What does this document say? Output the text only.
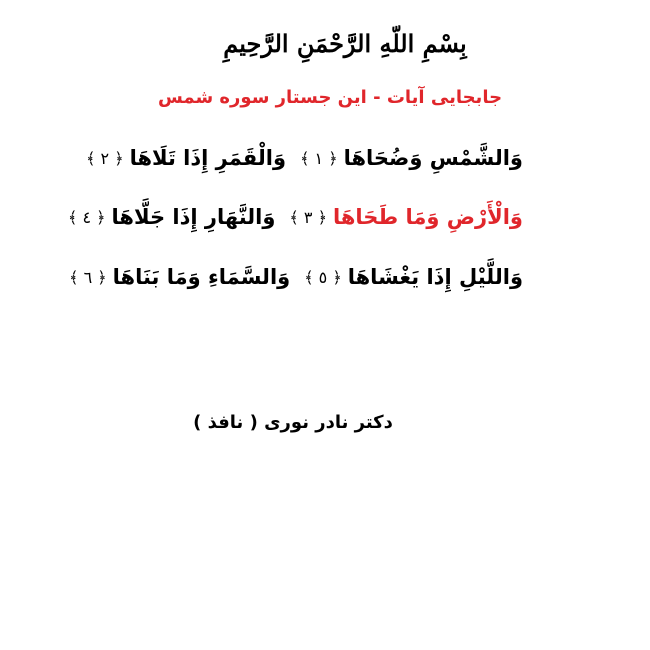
بِسْمِ اللّهِ الرَّحْمَنِ الرَّحِيمِ
جابجایی آیات - این جستار سوره شمس
وَالشَّمْسِ وَضُحَاهَا
﴿ ١ ﴾
وَالْقَمَرِ إِذَا تَلَاهَا
﴿ ٢ ﴾
وَالْأَرْضِ وَمَا طَحَاهَا
﴿ ٣ ﴾
وَالنَّهَارِ إِذَا جَلَّاهَا
﴿ ٤ ﴾
وَاللَّيْلِ إِذَا يَغْشَاهَا
﴿ ٥ ﴾
وَالسَّمَاءِ وَمَا بَنَاهَا
﴿ ٦ ﴾
دکتر نادر نوری ( نافذ )
